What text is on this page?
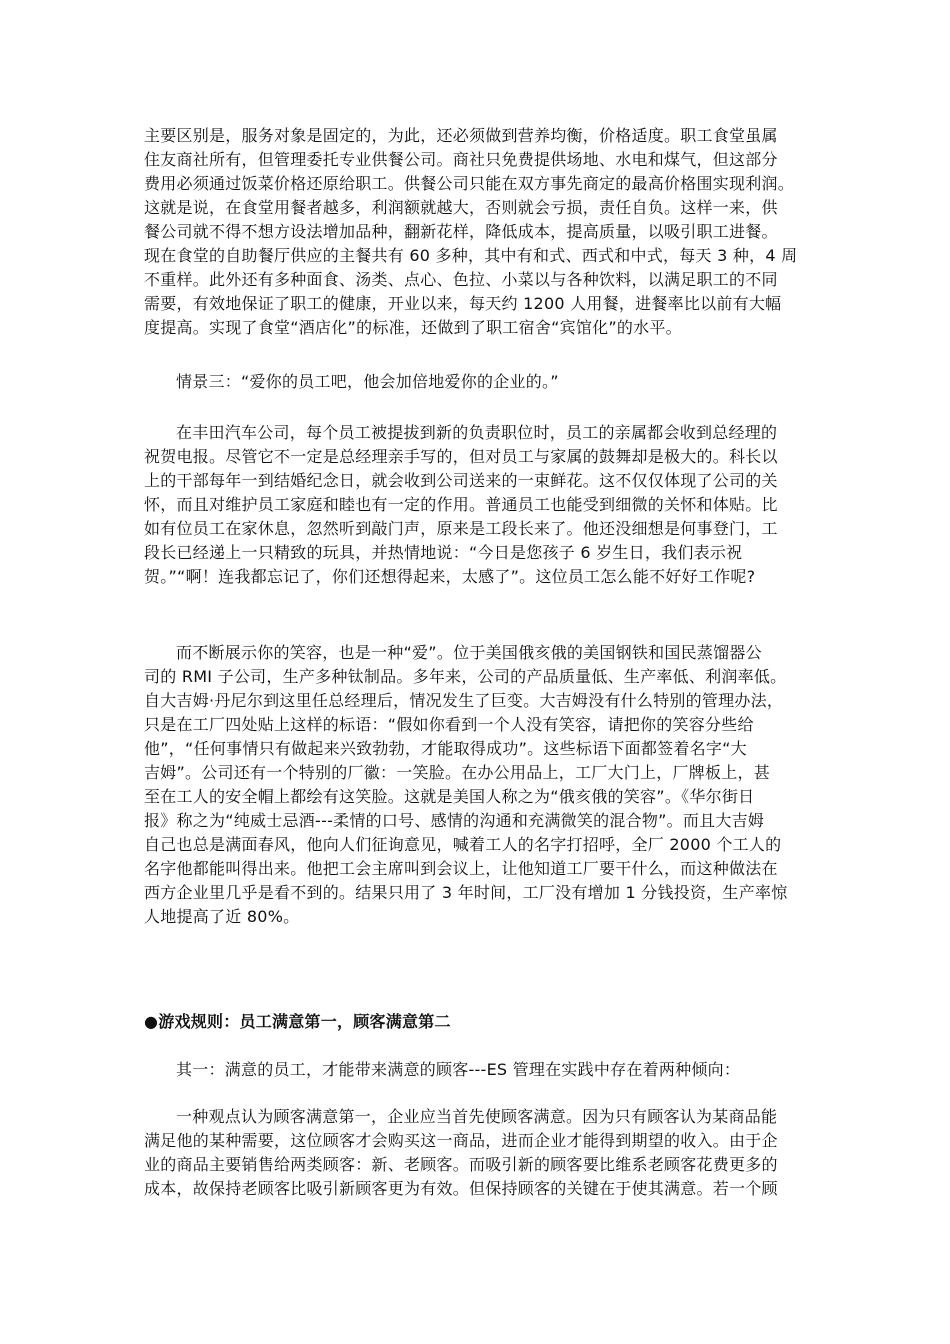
主要区别是，服务对象是固定的，为此，还必须做到营养均衡，价格适度。职工食堂虽属
住友商社所有，但管理委托专业供餐公司。商社只免费提供场地、水电和煤气，但这部分
费用必须通过饭菜价格还原给职工。供餐公司只能在双方事先商定的最高价格围实现利润。
这就是说，在食堂用餐者越多，利润额就越大，否则就会亏损，责任自负。这样一来，供
餐公司就不得不想方设法增加品种，翻新花样，降低成本，提高质量，以吸引职工进餐。
现在食堂的自助餐厅供应的主餐共有 60 多种，其中有和式、西式和中式，每天 3 种，4 周
不重样。此外还有多种面食、汤类、点心、色拉、小菜以与各种饮料，以满足职工的不同
需要，有效地保证了职工的健康，开业以来，每天约 1200 人用餐，进餐率比以前有大幅
度提高。实现了食堂“酒店化”的标准，还做到了职工宿舍“宾馆化”的水平。
情景三：“爱你的员工吧，他会加倍地爱你的企业的。”
在丰田汽车公司，每个员工被提拔到新的负责职位时，员工的亲属都会收到总经理的
祝贺电报。尽管它不一定是总经理亲手写的，但对员工与家属的鼓舞却是极大的。科长以
上的干部每年一到结婚纪念日，就会收到公司送来的一束鲜花。这不仅仅体现了公司的关
怀，而且对维护员工家庭和睦也有一定的作用。普通员工也能受到细微的关怀和体贴。比
如有位员工在家休息，忽然听到敲门声，原来是工段长来了。他还没细想是何事登门，工
段长已经递上一只精致的玩具，并热情地说：“今日是您孩子 6 岁生日，我们表示祝
贺。”“啊！连我都忘记了，你们还想得起来，太感了”。这位员工怎么能不好好工作呢?
而不断展示你的笑容，也是一种“爱”。位于美国俄亥俄的美国钢铁和国民蒸馏器公
司的 RMI 子公司，生产多种钛制品。多年来，公司的产品质量低、生产率低、利润率低。
自大吉姆·丹尼尔到这里任总经理后，情况发生了巨变。大吉姆没有什么特别的管理办法，
只是在工厂四处贴上这样的标语：“假如你看到一个人没有笑容，请把你的笑容分些给
他”，“任何事情只有做起来兴致勃勃，才能取得成功”。这些标语下面都签着名字“大
吉姆”。公司还有一个特别的厂徽：一笑脸。在办公用品上，工厂大门上，厂牌板上，甚
至在工人的安全帽上都绘有这笑脸。这就是美国人称之为“俄亥俄的笑容”。《华尔街日
报》称之为“纯威士忌酒---柔情的口号、感情的沟通和充满微笑的混合物”。而且大吉姆
自己也总是满面春风，他向人们征询意见，喊着工人的名字打招呼，全厂 2000 个工人的
名字他都能叫得出来。他把工会主席叫到会议上，让他知道工厂要干什么，而这种做法在
西方企业里几乎是看不到的。结果只用了 3 年时间，工厂没有增加 1 分钱投资，生产率惊
人地提高了近 80%。
●游戏规则：员工满意第一，顾客满意第二
其一：满意的员工，才能带来满意的顾客---ES 管理在实践中存在着两种倾向：
一种观点认为顾客满意第一，企业应当首先使顾客满意。因为只有顾客认为某商品能
满足他的某种需要，这位顾客才会购买这一商品，进而企业才能得到期望的收入。由于企
业的商品主要销售给两类顾客：新、老顾客。而吸引新的顾客要比维系老顾客花费更多的
成本，故保持老顾客比吸引新顾客更为有效。但保持顾客的关键在于使其满意。若一个顾
